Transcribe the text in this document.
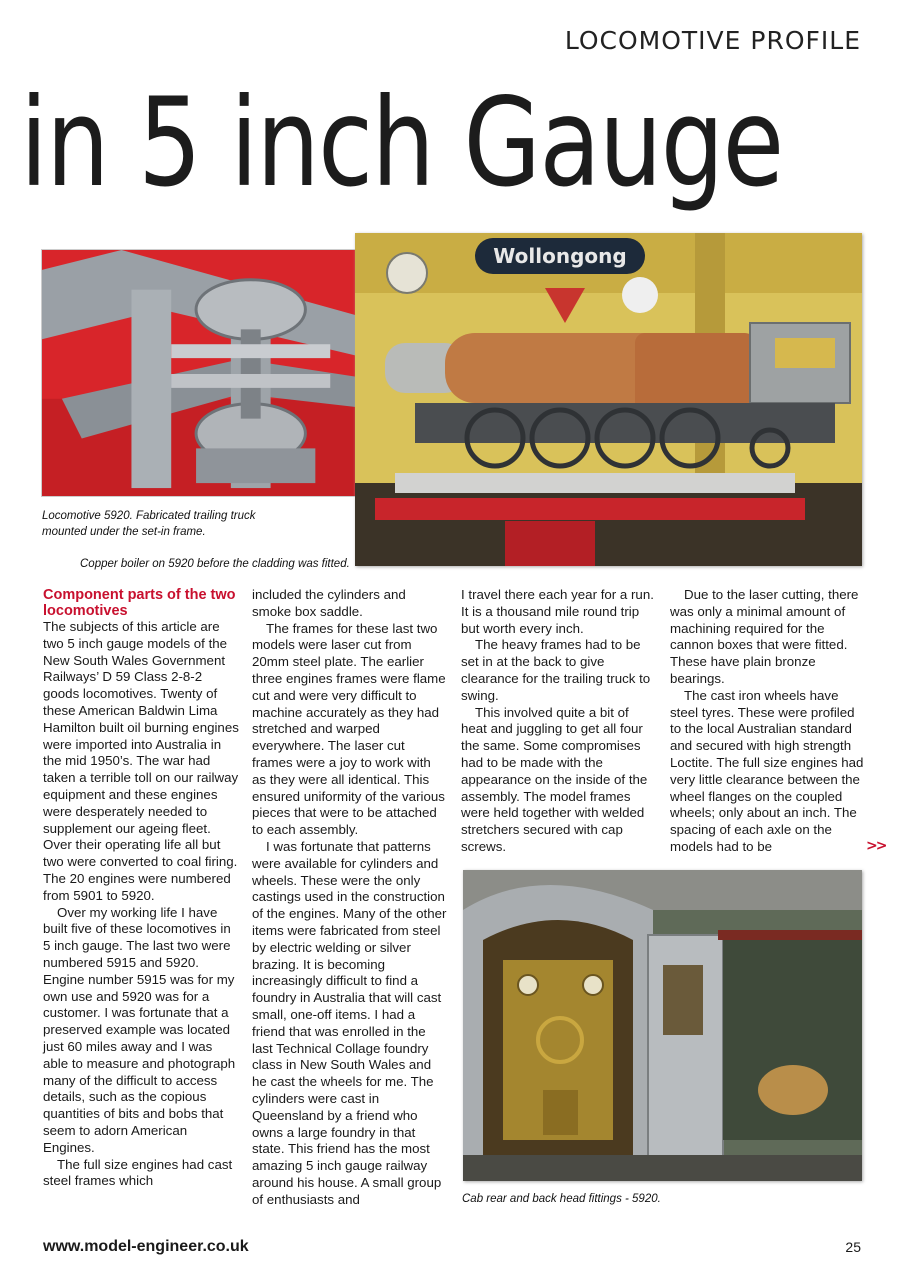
LOCOMOTIVE PROFILE
in 5 inch Gauge
Wollongong
Locomotive 5920. Fabricated trailing truck mounted under the set-in frame.
Copper boiler on 5920 before the cladding was fitted.
Component parts of the two locomotives

The subjects of this article are two 5 inch gauge models of the New South Wales Government Railways’ D 59 Class 2-8-2 goods locomotives. Twenty of these American Baldwin Lima Hamilton built oil burning engines were imported into Australia in the mid 1950’s. The war had taken a terrible toll on our railway equipment and these engines were desperately needed to supplement our ageing fleet. Over their operating life all but two were converted to coal firing. The 20 engines were numbered from 5901 to 5920.

Over my working life I have built five of these locomotives in 5 inch gauge. The last two were numbered 5915 and 5920. Engine number 5915 was for my own use and 5920 was for a customer. I was fortunate that a preserved example was located just 60 miles away and I was able to measure and photograph many of the difficult to access details, such as the copious quantities of bits and bobs that seem to adorn American Engines.

The full size engines had cast steel frames which

included the cylinders and smoke box saddle.

The frames for these last two models were laser cut from 20mm steel plate. The earlier three engines frames were flame cut and were very difficult to machine accurately as they had stretched and warped everywhere. The laser cut frames were a joy to work with as they were all identical. This ensured uniformity of the various pieces that were to be attached to each assembly.

I was fortunate that patterns were available for cylinders and wheels. These were the only castings used in the construction of the engines. Many of the other items were fabricated from steel by electric welding or silver brazing. It is becoming increasingly difficult to find a foundry in Australia that will cast small, one-off items. I had a friend that was enrolled in the last Technical Collage foundry class in New South Wales and he cast the wheels for me. The cylinders were cast in Queensland by a friend who owns a large foundry in that state. This friend has the most amazing 5 inch gauge railway around his house. A small group of enthusiasts and

I travel there each year for a run. It is a thousand mile round trip but worth every inch.

The heavy frames had to be set in at the back to give clearance for the trailing truck to swing.

This involved quite a bit of heat and juggling to get all four the same. Some compromises had to be made with the appearance on the inside of the assembly. The model frames were held together with welded stretchers secured with cap screws.

Due to the laser cutting, there was only a minimal amount of machining required for the cannon boxes that were fitted. These have plain bronze bearings.

The cast iron wheels have steel tyres. These were profiled to the local Australian standard and secured with high strength Loctite. The full size engines had very little clearance between the wheel flanges on the coupled wheels; only about an inch. The spacing of each axle on the models had to be	>>
Cab rear and back head fittings - 5920.
www.model-engineer.co.uk	25
